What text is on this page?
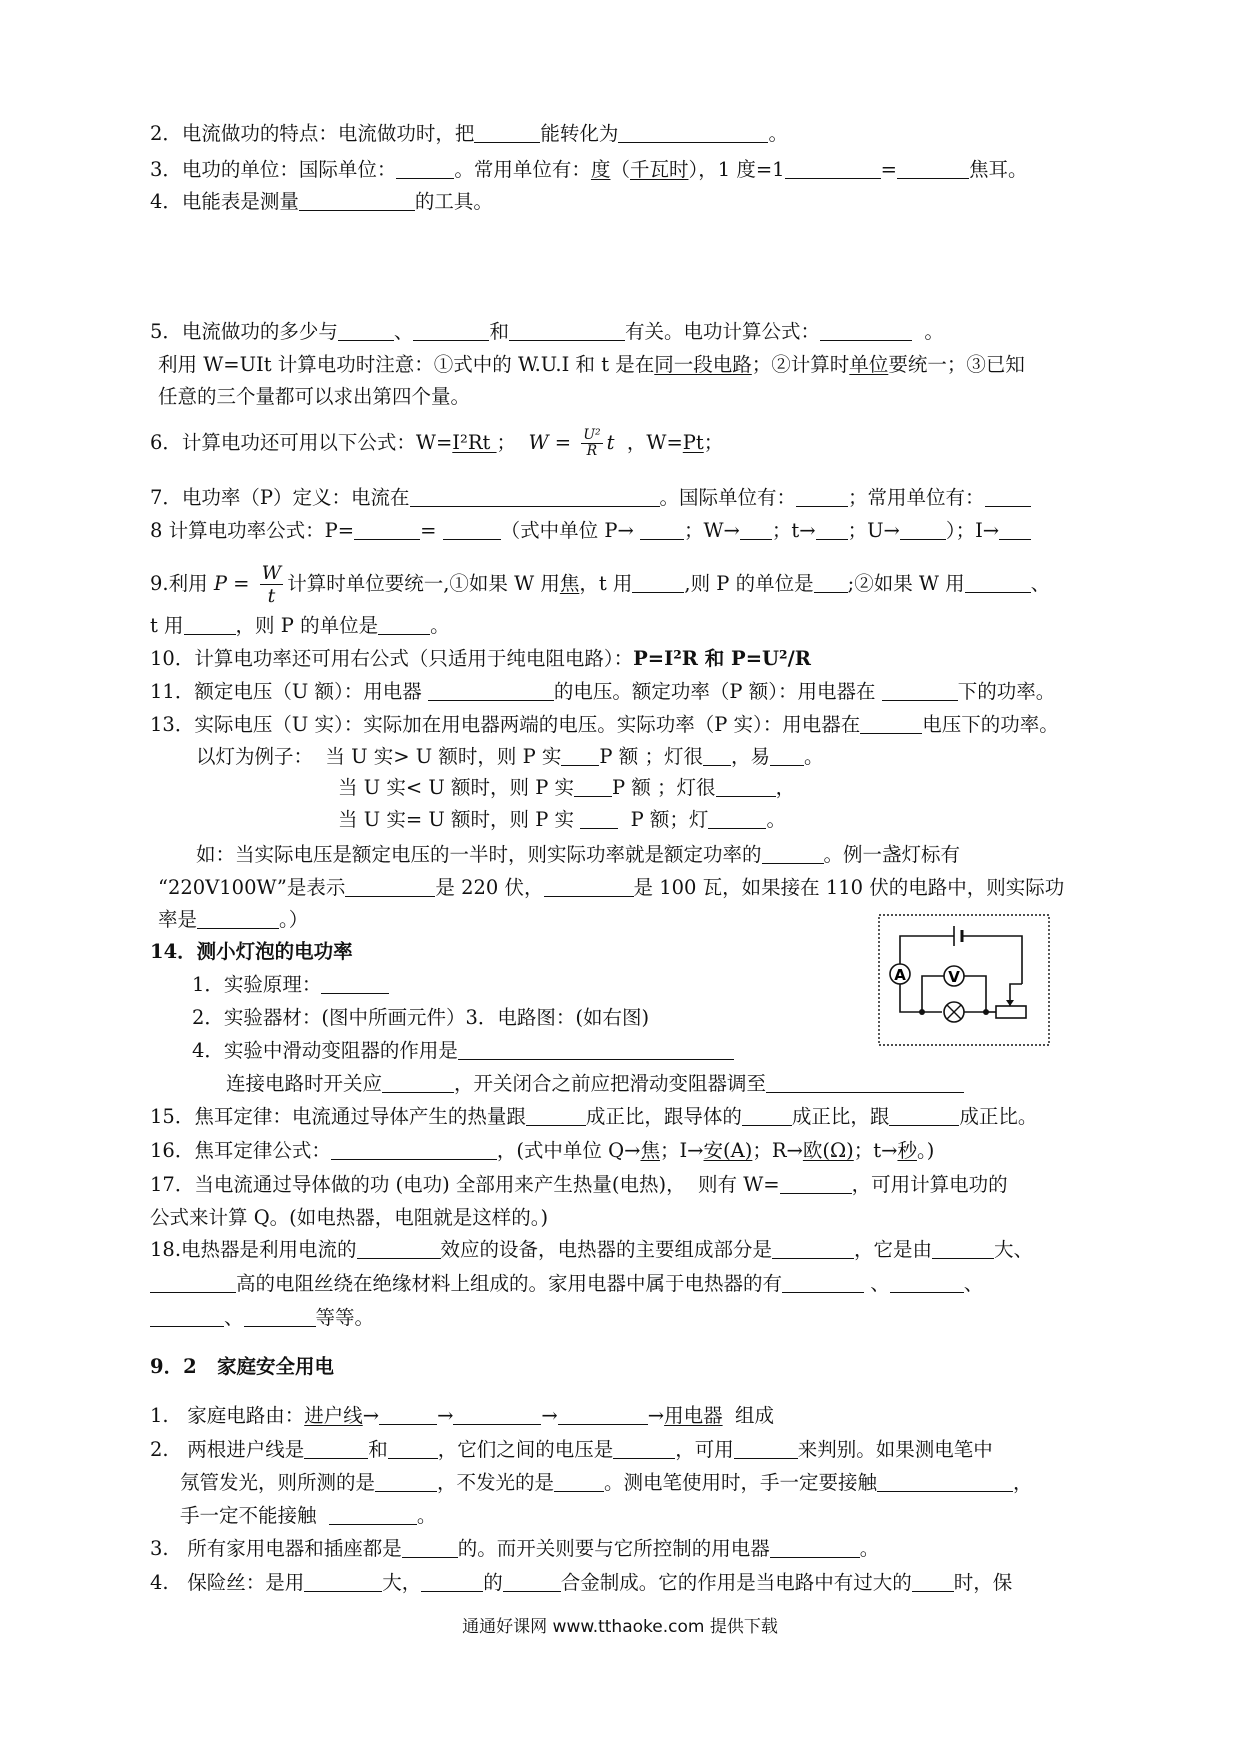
2．电流做功的特点：电流做功时，把	能转化为	。
3．电功的单位：国际单位：	。常用单位有：度（千瓦时），1 度=1	=	焦耳。
4．电能表是测量	的工具。
5．电流做功的多少与	、	和	有关。电功计算公式：	。
利用 W=UIt 计算电功时注意：①式中的 W.U.I 和 t 是在同一段电路；②计算时单位要统一；③已知
任意的三个量都可以求出第四个量。
6．计算电功还可用以下公式：W=I²Rt ；  $W = \frac{\text{U²}}{R}$ t  ，W=Pt；
7．电功率（P）定义：电流在	。国际单位有：	；常用单位有：
8 计算电功率公式：P=	=	（式中单位 P→ ；W→ ；t→ ；U→ ）；I→
9.利用 $P = \frac{W}{t}$ 计算时单位要统一,①如果 W 用焦，t 用	,则 P 的单位是 ;②如果 W 用	、
t 用	，则 P 的单位是	。
10．计算电功率还可用右公式（只适用于纯电阻电路）：P=I²R 和 P=U²/R
11．额定电压（U 额）：用电器	的电压。额定功率（P 额）：用电器在	下的功率。
13．实际电压（U 实）：实际加在用电器两端的电压。实际功率（P 实）：用电器在	电压下的功率。
以灯为例子：  当 U 实> U 额时，则 P 实 P 额 ；灯很 ，易 。
当 U 实< U 额时，则 P 实 P 额 ；灯很	，
当 U 实= U 额时，则 P 实   P 额；灯	。
如：当实际电压是额定电压的一半时，则实际功率就是额定功率的	。例一盏灯标有
“220V100W”是表示	是 220 伏，	是 100 瓦，如果接在 110 伏的电路中，则实际功
率是	。）
14．测小灯泡的电功率
1．实验原理：
2．实验器材：(图中所画元件）3．电路图：(如右图)
4．实验中滑动变阻器的作用是
连接电路时开关应	，开关闭合之前应把滑动变阻器调至
15．焦耳定律：电流通过导体产生的热量跟	成正比，跟导体的	成正比，跟	成正比。
16．焦耳定律公式：	，(式中单位 Q→焦；I→安(A)；R→欧(Ω)；t→秒。)
17．当电流通过导体做的功 (电功) 全部用来产生热量(电热)，  则有 W=	，可用计算电功的
公式来计算 Q。(如电热器，电阻就是这样的。)
18.电热器是利用电流的	效应的设备，电热器的主要组成部分是	，它是由	大、
高的电阻丝绕在绝缘材料上组成的。家用电器中属于电热器的有	、	、
、	等等。
9．2   家庭安全用电
1.   家庭电路由：进户线→	→	→	→用电器  组成
2.   两根进户线是	和	，它们之间的电压是	，可用	来判别。如果测电笔中
氖管发光，则所测的是	，不发光的是	。测电笔使用时，手一定要接触	，
手一定不能接触	。
3.   所有家用电器和插座都是	的。而开关则要与它所控制的用电器	。
4.   保险丝：是用	大，	的	合金制成。它的作用是当电路中有过大的 时，保
A	V
通通好课网 www.tthaoke.com 提供下载
